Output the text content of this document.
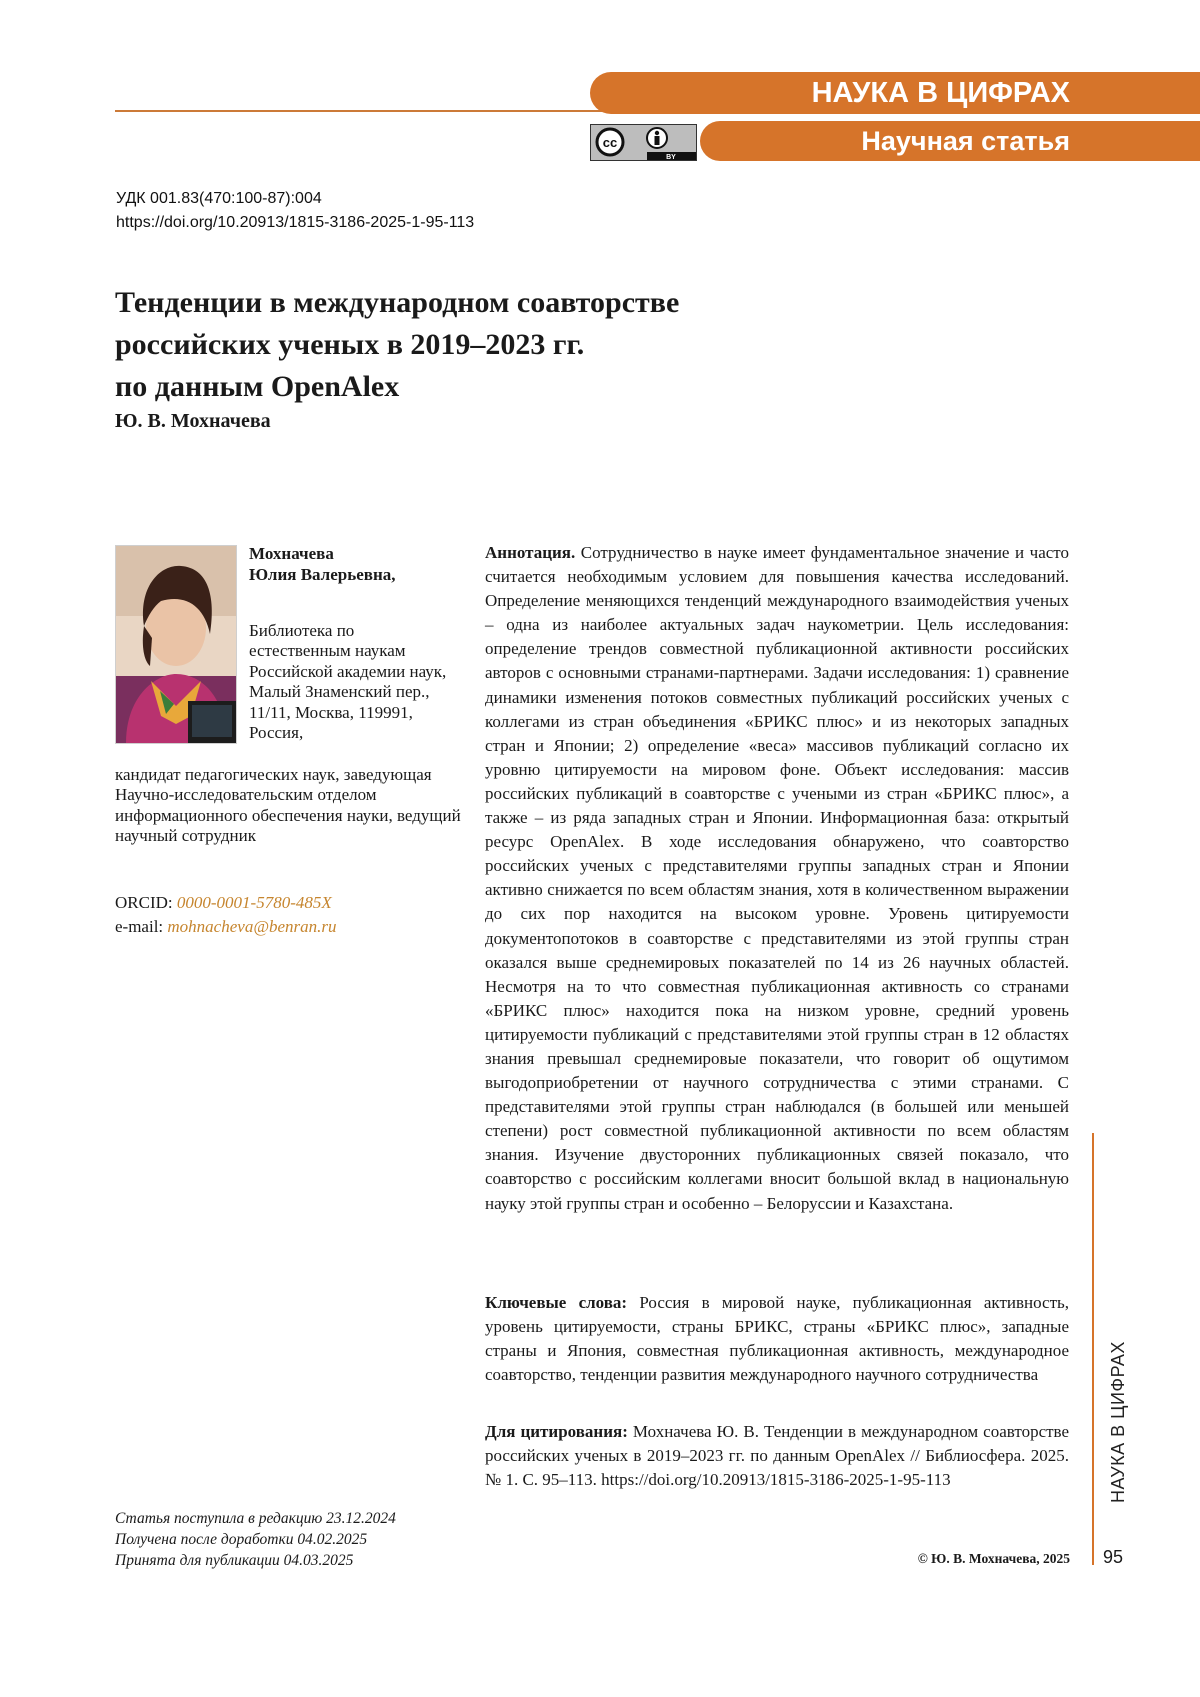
НАУКА В ЦИФРАХ
Научная статья
cc
BY
УДК 001.83(470:100-87):004
https://doi.org/10.20913/1815-3186-2025-1-95-113
Тенденции в международном соавторстве
российских ученых в 2019–2023 гг.
по данным OpenAlex
Ю. В. Мохначева
Мохначева
Юлия Валерьевна,
Библиотека по естественным наукам Российской академии наук, Малый Знаменский пер., 11/11, Москва, 119991, Россия,
кандидат педагогических наук, заведующая Научно-исследовательским отделом информационного обеспечения науки, ведущий научный сотрудник
ORCID: 0000-0001-5780-485X
e-mail: mohnacheva@benran.ru
Статья поступила в редакцию 23.12.2024
Получена после доработки 04.02.2025
Принята для публикации 04.03.2025
Аннотация. Сотрудничество в науке имеет фундаментальное значение и часто считается необходимым условием для повышения качества исследований. Определение меняющихся тенденций международного взаимодействия ученых – одна из наиболее актуальных задач наукометрии. Цель исследования: определение трендов совместной публикационной активности российских авторов с основными странами-партнерами. Задачи исследования: 1) сравнение динамики изменения потоков совместных публикаций российских ученых с коллегами из стран объединения «БРИКС плюс» и из некоторых западных стран и Японии; 2) определение «веса» массивов публикаций согласно их уровню цитируемости на мировом фоне. Объект исследования: массив российских публикаций в соавторстве с учеными из стран «БРИКС плюс», а также – из ряда западных стран и Японии. Информационная база: открытый ресурс OpenAlex. В ходе исследования обнаружено, что соавторство российских ученых с представителями группы западных стран и Японии активно снижается по всем областям знания, хотя в количественном выражении до сих пор находится на высоком уровне. Уровень цитируемости документопотоков в соавторстве с представителями из этой группы стран оказался выше среднемировых показателей по 14 из 26 научных областей. Несмотря на то что совместная публикационная активность со странами «БРИКС плюс» находится пока на низком уровне, средний уровень цитируемости публикаций с представителями этой группы стран в 12 областях знания превышал среднемировые показатели, что говорит об ощутимом выгодоприобретении от научного сотрудничества с этими странами. С представителями этой группы стран наблюдался (в большей или меньшей степени) рост совместной публикационной активности по всем областям знания. Изучение двусторонних публикационных связей показало, что соавторство с российским коллегами вносит большой вклад в национальную науку этой группы стран и особенно – Белоруссии и Казахстана.
Ключевые слова: Россия в мировой науке, публикационная активность, уровень цитируемости, страны БРИКС, страны «БРИКС плюс», западные страны и Япония, совместная публикационная активность, международное соавторство, тенденции развития международного научного сотрудничества
Для цитирования: Мохначева Ю. В. Тенденции в международном соавторстве российских ученых в 2019–2023 гг. по данным OpenAlex // Библиосфера. 2025. № 1. С. 95–113. https://doi.org/10.20913/1815-3186-2025-1-95-113
© Ю. В. Мохначева, 2025 95
НАУКА В ЦИФРАХ
